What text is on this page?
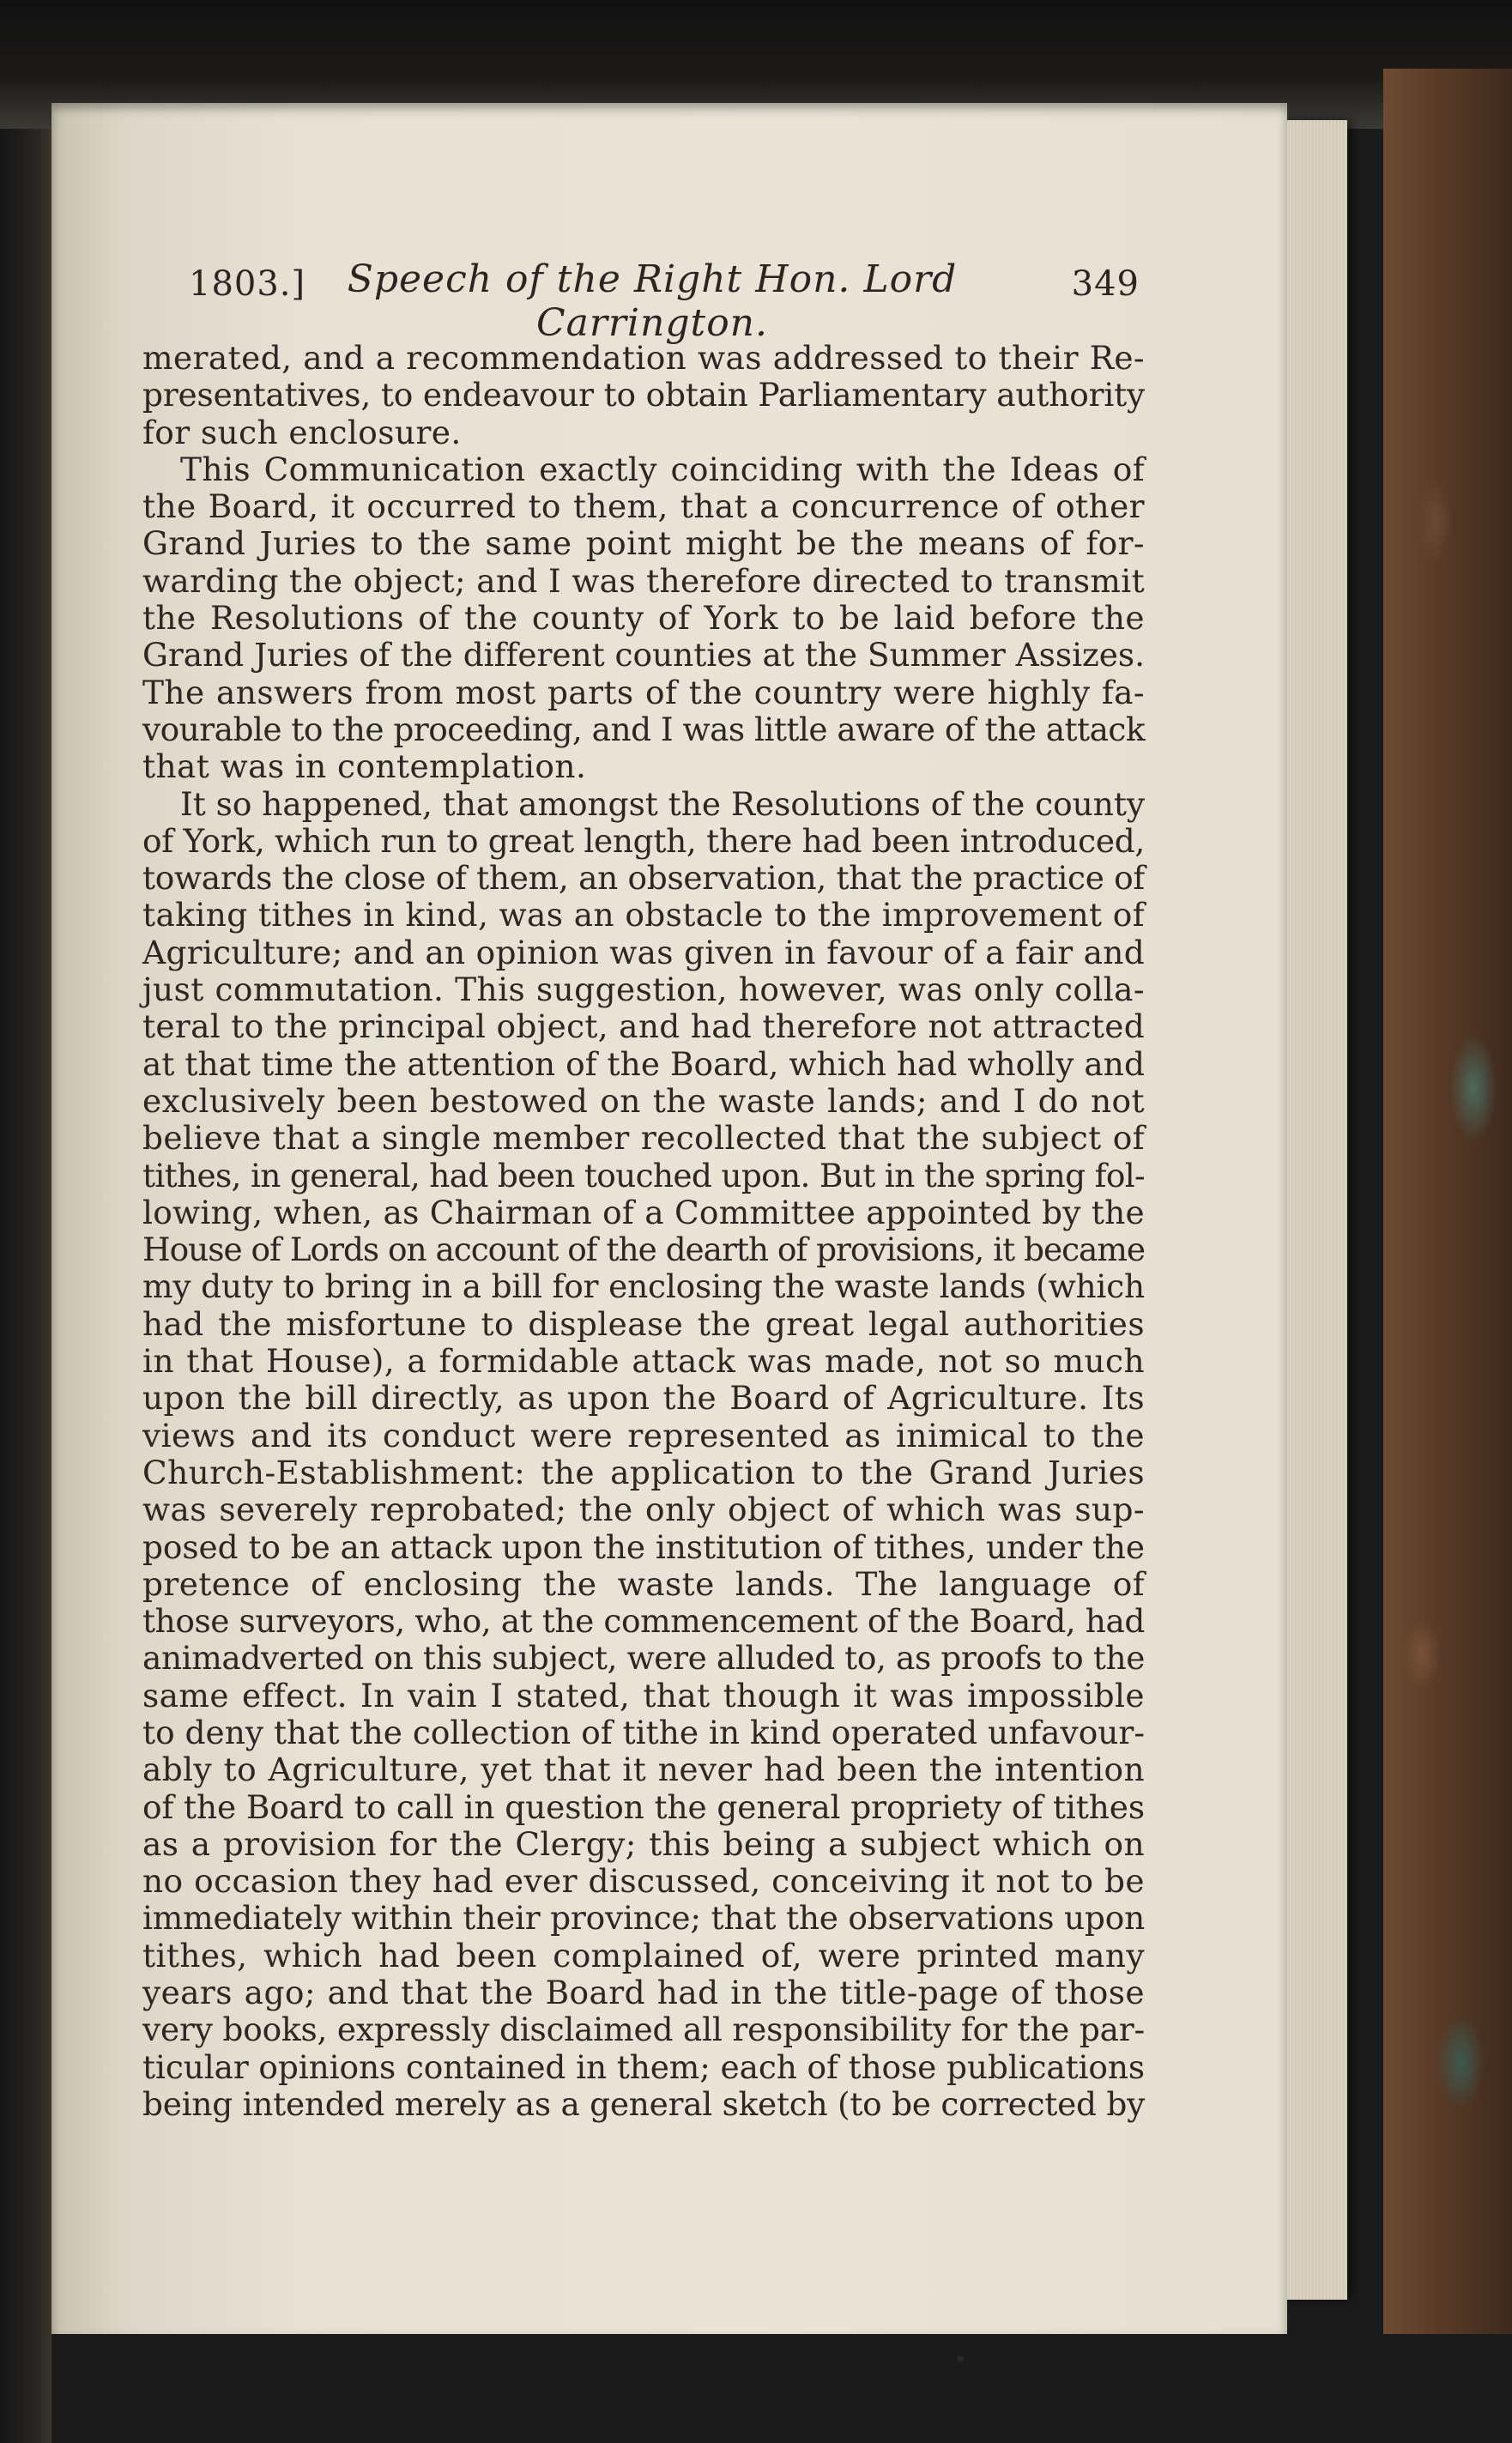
1803.]	Speech of the Right Hon. Lord Carrington.
349
merated, and a recommendation was addressed to their Re-
presentatives, to endeavour to obtain Parliamentary authority
for such enclosure.
This Communication exactly coinciding with the Ideas of
the Board, it occurred to them, that a concurrence of other
Grand Juries to the same point might be the means of for-
warding the object; and I was therefore directed to transmit
the Resolutions of the county of York to be laid before the
Grand Juries of the different counties at the Summer Assizes.
The answers from most parts of the country were highly fa-
vourable to the proceeding, and I was little aware of the attack
that was in contemplation.
It so happened, that amongst the Resolutions of the county
of York, which run to great length, there had been introduced,
towards the close of them, an observation, that the practice of
taking tithes in kind, was an obstacle to the improvement of
Agriculture; and an opinion was given in favour of a fair and
just commutation. This suggestion, however, was only colla-
teral to the principal object, and had therefore not attracted
at that time the attention of the Board, which had wholly and
exclusively been bestowed on the waste lands; and I do not
believe that a single member recollected that the subject of
tithes, in general, had been touched upon. But in the spring fol-
lowing, when, as Chairman of a Committee appointed by the
House of Lords on account of the dearth of provisions, it became
my duty to bring in a bill for enclosing the waste lands (which
had the misfortune to displease the great legal authorities
in that House), a formidable attack was made, not so much
upon the bill directly, as upon the Board of Agriculture. Its
views and its conduct were represented as inimical to the
Church-Establishment: the application to the Grand Juries
was severely reprobated; the only object of which was sup-
posed to be an attack upon the institution of tithes, under the
pretence of enclosing the waste lands. The language of
those surveyors, who, at the commencement of the Board, had
animadverted on this subject, were alluded to, as proofs to the
same effect. In vain I stated, that though it was impossible
to deny that the collection of tithe in kind operated unfavour-
ably to Agriculture, yet that it never had been the intention
of the Board to call in question the general propriety of tithes
as a provision for the Clergy; this being a subject which on
no occasion they had ever discussed, conceiving it not to be
immediately within their province; that the observations upon
tithes, which had been complained of, were printed many
years ago; and that the Board had in the title-page of those
very books, expressly disclaimed all responsibility for the par-
ticular opinions contained in them; each of those publications
being intended merely as a general sketch (to be corrected by
